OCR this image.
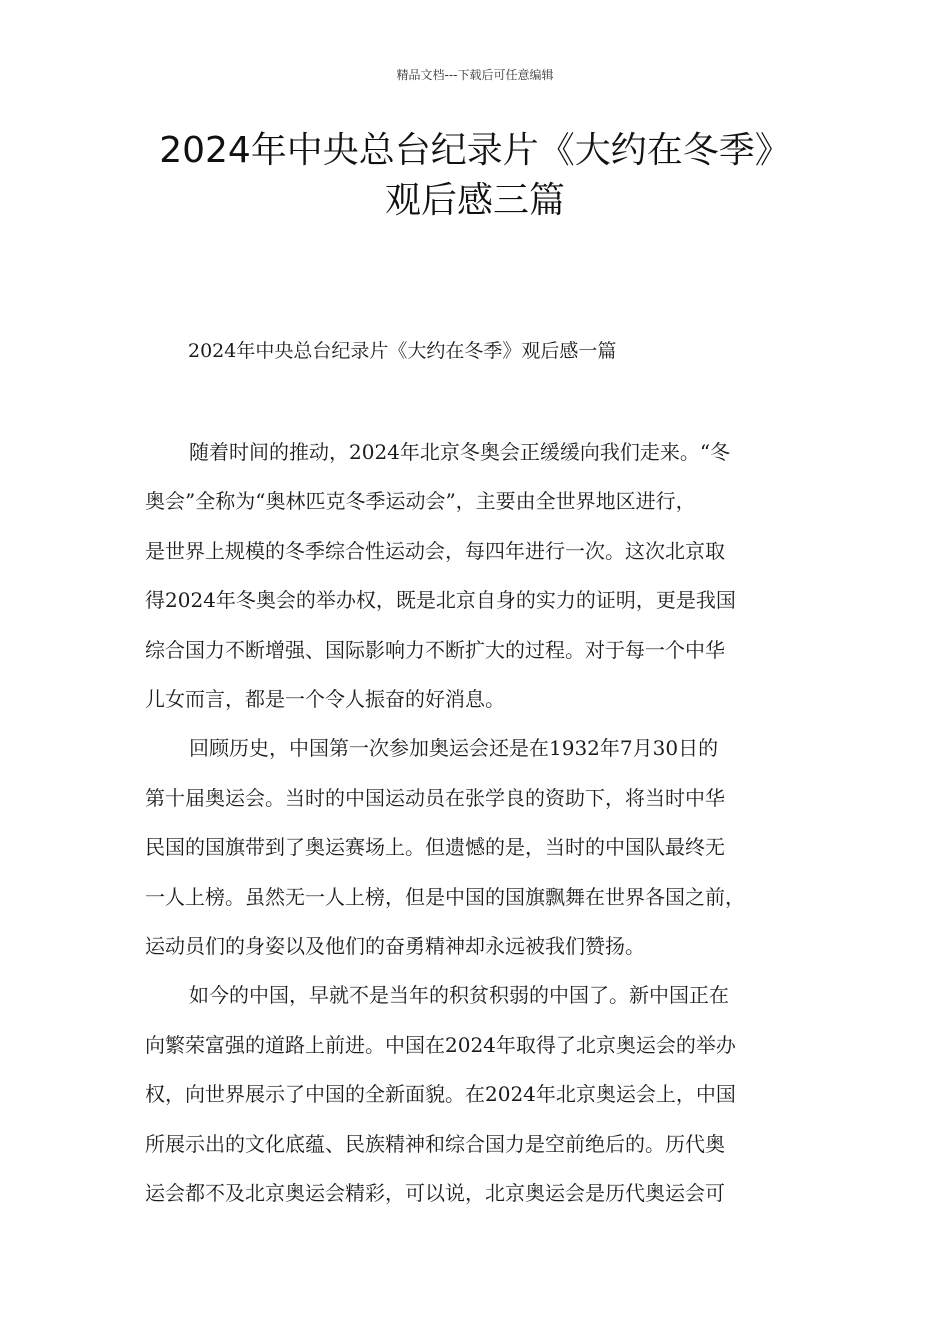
精品文档---下载后可任意编辑
2024年中央总台纪录片《大约在冬季》
观后感三篇
2024年中央总台纪录片《大约在冬季》观后感一篇

随着时间的推动，2024年北京冬奥会正缓缓向我们走来。“冬
奥会”全称为“奥林匹克冬季运动会”，主要由全世界地区进行，
是世界上规模的冬季综合性运动会，每四年进行一次。这次北京取
得2024年冬奥会的举办权，既是北京自身的实力的证明，更是我国
综合国力不断增强、国际影响力不断扩大的过程。对于每一个中华
儿女而言，都是一个令人振奋的好消息。

回顾历史，中国第一次参加奥运会还是在1932年7月30日的
第十届奥运会。当时的中国运动员在张学良的资助下，将当时中华
民国的国旗带到了奥运赛场上。但遗憾的是，当时的中国队最终无
一人上榜。虽然无一人上榜，但是中国的国旗飘舞在世界各国之前，
运动员们的身姿以及他们的奋勇精神却永远被我们赞扬。

如今的中国，早就不是当年的积贫积弱的中国了。新中国正在
向繁荣富强的道路上前进。中国在2024年取得了北京奥运会的举办
权，向世界展示了中国的全新面貌。在2024年北京奥运会上，中国
所展示出的文化底蕴、民族精神和综合国力是空前绝后的。历代奥
运会都不及北京奥运会精彩，可以说，北京奥运会是历代奥运会可
